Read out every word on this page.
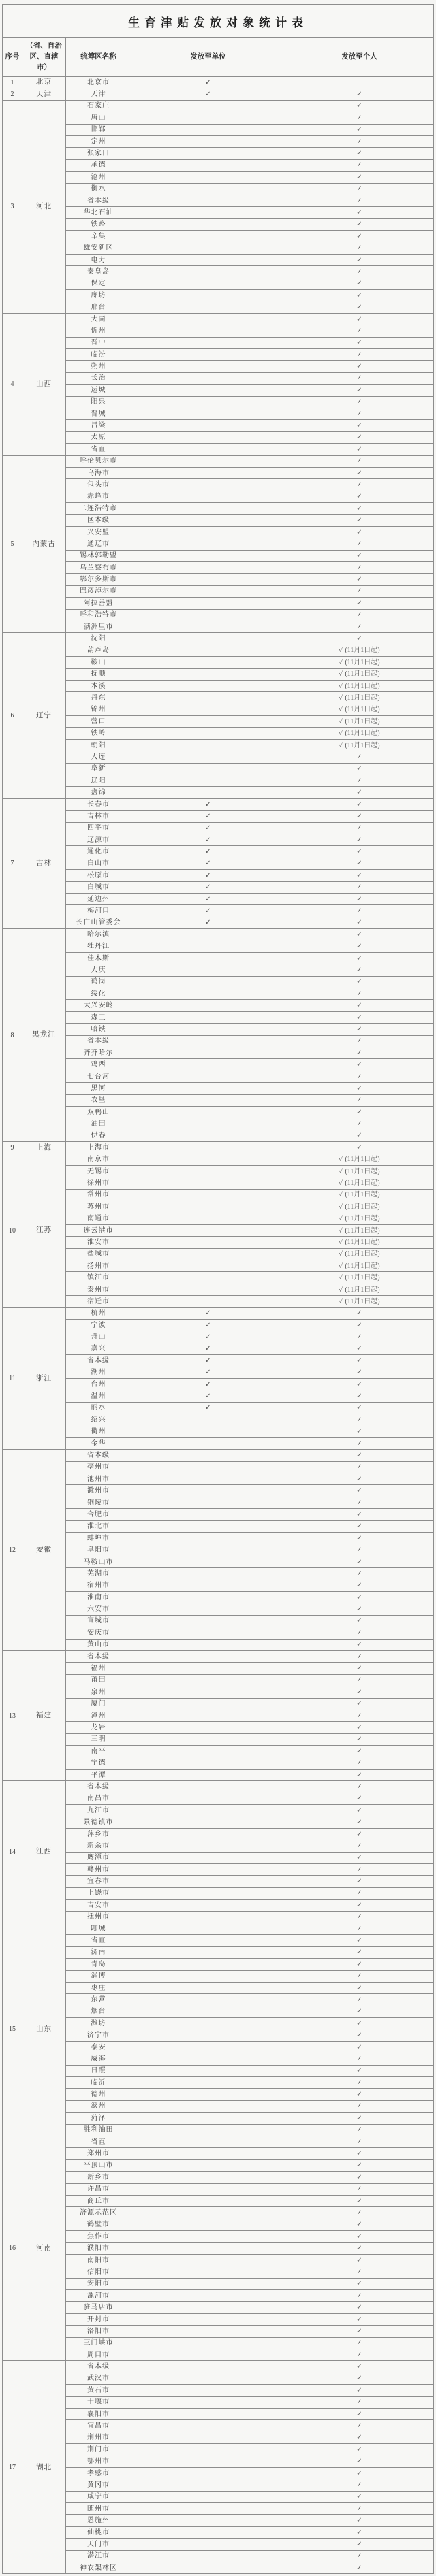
生育津贴发放对象统计表				
序号	（省、自治区、直辖市）	统筹区名称	发放至单位	发放至个人
1	北京	北京市	✓	
2	天津	天津	✓	✓
3	河北	石家庄		✓
		唐山		✓
		邯郸		✓
		定州		✓
		张家口		✓
		承德		✓
		沧州		✓
		衡水		✓
		省本级		✓
		华北石油		✓
		铁路		✓
		辛集		✓
		雄安新区		✓
		电力		✓
		秦皇岛		✓
		保定		✓
		廊坊		✓
		邢台		✓
4	山西	大同		✓
		忻州		✓
		晋中		✓
		临汾		✓
		朔州		✓
		长治		✓
		运城		✓
		阳泉		✓
		晋城		✓
		吕梁		✓
		太原		✓
		省直		✓
5	内蒙古	呼伦贝尔市		✓
		乌海市		✓
		包头市		✓
		赤峰市		✓
		二连浩特市		✓
		区本级		✓
		兴安盟		✓
		通辽市		✓
		锡林郭勒盟		✓
		乌兰察布市		✓
		鄂尔多斯市		✓
		巴彦淖尔市		✓
		阿拉善盟		✓
		呼和浩特市		✓
		满洲里市		✓
6	辽宁	沈阳		✓
		葫芦岛		✓ (11月1日起)
		鞍山		✓ (11月1日起)
		抚顺		✓ (11月1日起)
		本溪		✓ (11月1日起)
		丹东		✓ (11月1日起)
		锦州		✓ (11月1日起)
		营口		✓ (11月1日起)
		铁岭		✓ (11月1日起)
		朝阳		✓ (11月1日起)
		大连		✓
		阜新		✓
		辽阳		✓
		盘锦		✓
7	吉林	长春市	✓	✓
		吉林市	✓	✓
		四平市	✓	✓
		辽源市	✓	✓
		通化市	✓	✓
		白山市	✓	✓
		松原市	✓	✓
		白城市	✓	✓
		延边州	✓	✓
		梅河口	✓	✓
		长白山管委会	✓	✓
8	黑龙江	哈尔滨		✓
		牡丹江		✓
		佳木斯		✓
		大庆		✓
		鹤岗		✓
		绥化		✓
		大兴安岭		✓
		森工		✓
		哈铁		✓
		省本级		✓
		齐齐哈尔		✓
		鸡西		✓
		七台河		✓
		黑河		✓
		农垦		✓
		双鸭山		✓
		油田		✓
		伊春		✓
9	上海	上海市		✓
10	江苏	南京市		✓ (11月1日起)
		无锡市		✓ (11月1日起)
		徐州市		✓ (11月1日起)
		常州市		✓ (11月1日起)
		苏州市		✓ (11月1日起)
		南通市		✓ (11月1日起)
		连云港市		✓ (11月1日起)
		淮安市		✓ (11月1日起)
		盐城市		✓ (11月1日起)
		扬州市		✓ (11月1日起)
		镇江市		✓ (11月1日起)
		泰州市		✓ (11月1日起)
		宿迁市		✓ (11月1日起)
11	浙江	杭州	✓	✓
		宁波	✓	✓
		舟山	✓	✓
		嘉兴	✓	✓
		省本级	✓	✓
		湖州	✓	✓
		台州	✓	✓
		温州	✓	✓
		丽水	✓	✓
		绍兴		✓
		衢州		✓
		金华		✓
12	安徽	省本级		✓
		亳州市		✓
		池州市		✓
		滁州市		✓
		铜陵市		✓
		合肥市		✓
		淮北市		✓
		蚌埠市		✓
		阜阳市		✓
		马鞍山市		✓
		芜湖市		✓
		宿州市		✓
		淮南市		✓
		六安市		✓
		宣城市		✓
		安庆市		✓
		黄山市		✓
13	福建	省本级		✓
		福州		✓
		莆田		✓
		泉州		✓
		厦门		✓
		漳州		✓
		龙岩		✓
		三明		✓
		南平		✓
		宁德		✓
		平潭		✓
14	江西	省本级		✓
		南昌市		✓
		九江市		✓
		景德镇市		✓
		萍乡市		✓
		新余市		✓
		鹰潭市		✓
		赣州市		✓
		宜春市		✓
		上饶市		✓
		吉安市		✓
		抚州市		✓
15	山东	聊城		✓
		省直		✓
		济南		✓
		青岛		✓
		淄博		✓
		枣庄		✓
		东营		✓
		烟台		✓
		潍坊		✓
		济宁市		✓
		泰安		✓
		威海		✓
		日照		✓
		临沂		✓
		德州		✓
		滨州		✓
		菏泽		✓
		胜利油田		✓
16	河南	省直		✓
		郑州市		✓
		平顶山市		✓
		新乡市		✓
		许昌市		✓
		商丘市		✓
		济源示范区		✓
		鹤壁市		✓
		焦作市		✓
		濮阳市		✓
		南阳市		✓
		信阳市		✓
		安阳市		✓
		漯河市		✓
		驻马店市		✓
		开封市		✓
		洛阳市		✓
		三门峡市		✓
		周口市		✓
17	湖北	省本级		✓
		武汉市		✓
		黄石市		✓
		十堰市		✓
		襄阳市		✓
		宜昌市		✓
		荆州市		✓
		荆门市		✓
		鄂州市		✓
		孝感市		✓
		黄冈市		✓
		咸宁市		✓
		随州市		✓
		恩施州		✓
		仙桃市		✓
		天门市		✓
		潜江市		✓
		神农架林区		✓
